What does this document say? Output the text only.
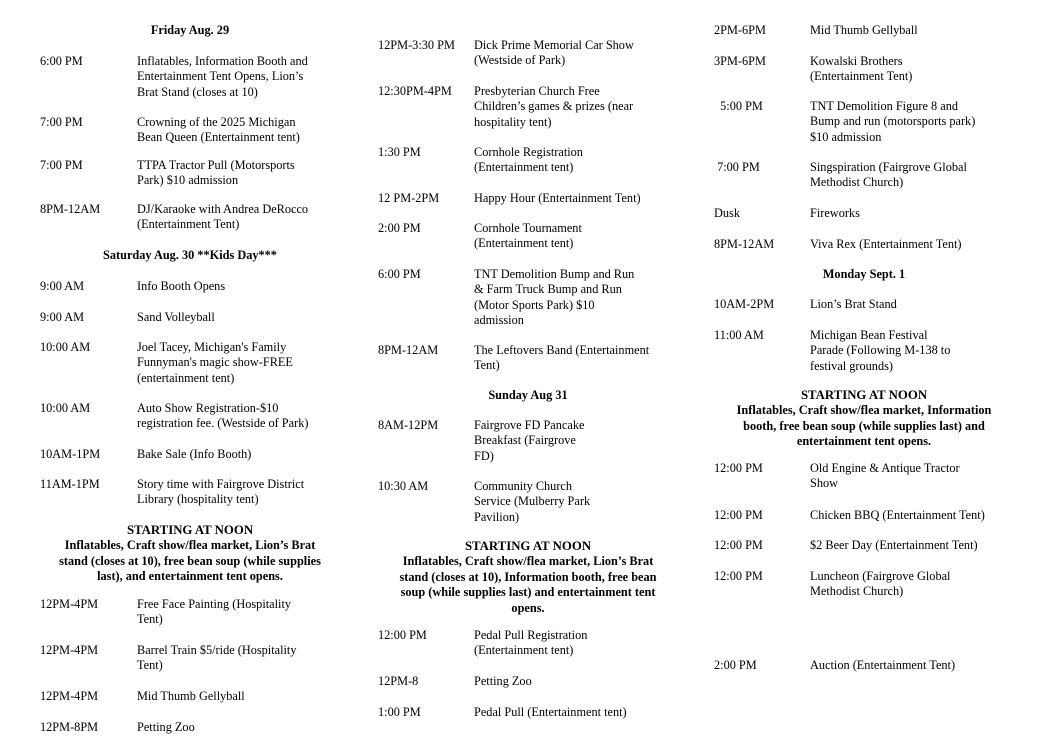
Friday Aug. 29
6:00 PM	Inflatables, Information Booth and
Entertainment Tent Opens, Lion’s
Brat Stand (closes at 10)
7:00 PM	Crowning of the 2025 Michigan
Bean Queen (Entertainment tent)
7:00 PM	TTPA Tractor Pull (Motorsports
Park) $10 admission
8PM-12AM	DJ/Karaoke with Andrea DeRocco
(Entertainment Tent)
Saturday Aug. 30 **Kids Day***
9:00 AM	Info Booth Opens
9:00 AM	Sand Volleyball
10:00 AM	Joel Tacey, Michigan's Family
Funnyman's magic show-FREE
(entertainment tent)
10:00 AM	Auto Show Registration-$10
registration fee. (Westside of Park)
10AM-1PM	Bake Sale (Info Booth)
11AM-1PM	Story time with Fairgrove District
Library (hospitality tent)
STARTING AT NOON
Inflatables, Craft show/flea market, Lion’s Brat
stand (closes at 10), free bean soup (while supplies
last), and entertainment tent opens.
12PM-4PM	Free Face Painting (Hospitality
Tent)
12PM-4PM	Barrel Train $5/ride (Hospitality
Tent)
12PM-4PM	Mid Thumb Gellyball
12PM-8PM	Petting Zoo
12PM-3:30 PM Dick Prime Memorial Car Show
(Westside of Park)
12:30PM-4PM Presbyterian Church Free
Children’s games & prizes (near
hospitality tent)
1:30 PM	Cornhole Registration
(Entertainment tent)
12 PM-2PM	Happy Hour (Entertainment Tent)
2:00 PM	Cornhole Tournament
(Entertainment tent)
6:00 PM	TNT Demolition Bump and Run
& Farm Truck Bump and Run
(Motor Sports Park) $10
admission
8PM-12AM	The Leftovers Band (Entertainment
Tent)
Sunday Aug 31
8AM-12PM	Fairgrove FD Pancake
Breakfast (Fairgrove
FD)
10:30 AM	Community Church
Service (Mulberry Park
Pavilion)
STARTING AT NOON
Inflatables, Craft show/flea market, Lion’s Brat
stand (closes at 10), Information booth, free bean
soup (while supplies last) and entertainment tent
opens.
12:00 PM	Pedal Pull Registration
(Entertainment tent)
12PM-8	Petting Zoo
1:00 PM	Pedal Pull (Entertainment tent)
2PM-6PM	Mid Thumb Gellyball
3PM-6PM	Kowalski Brothers
(Entertainment Tent)
5:00 PM	TNT Demolition Figure 8 and
Bump and run (motorsports park)
$10 admission
7:00 PM	Singspiration (Fairgrove Global
Methodist Church)
Dusk	Fireworks
8PM-12AM	Viva Rex (Entertainment Tent)
Monday Sept. 1
10AM-2PM	Lion’s Brat Stand
11:00 AM	Michigan Bean Festival
Parade (Following M-138 to
festival grounds)
STARTING AT NOON
Inflatables, Craft show/flea market, Information
booth, free bean soup (while supplies last) and
entertainment tent opens.
12:00 PM	Old Engine & Antique Tractor
Show
12:00 PM	Chicken BBQ (Entertainment Tent)
12:00 PM	$2 Beer Day (Entertainment Tent)
12:00 PM	Luncheon (Fairgrove Global
Methodist Church)
2:00 PM	Auction (Entertainment Tent)
